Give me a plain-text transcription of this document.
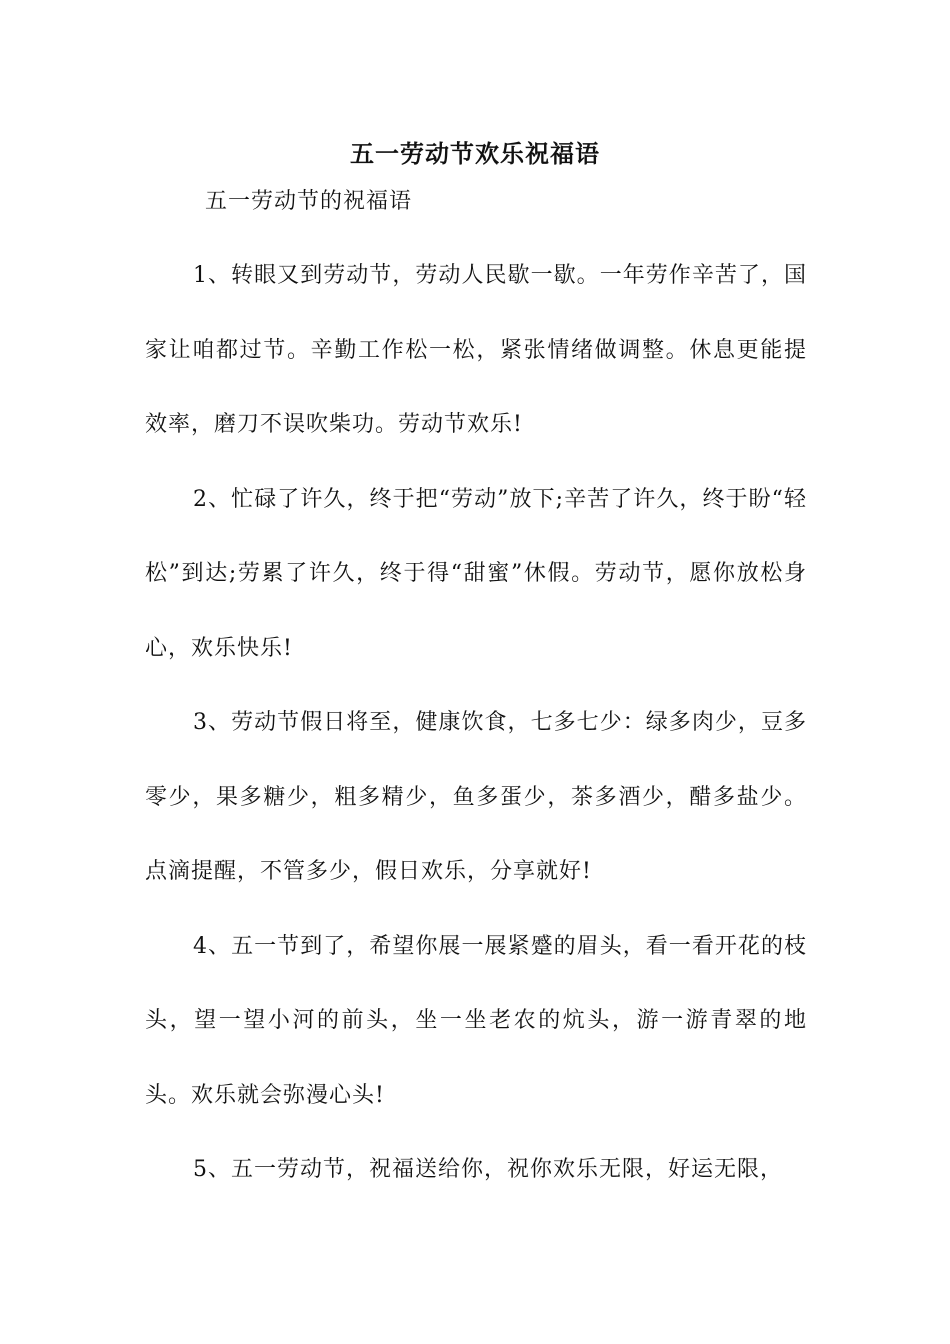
五一劳动节欢乐祝福语
五一劳动节的祝福语

1、转眼又到劳动节，劳动人民歇一歇。一年劳作辛苦了，国家让咱都过节。辛勤工作松一松，紧张情绪做调整。休息更能提效率，磨刀不误吹柴功。劳动节欢乐!

2、忙碌了许久，终于把“劳动”放下;辛苦了许久，终于盼“轻松”到达;劳累了许久，终于得“甜蜜”休假。劳动节，愿你放松身心，欢乐快乐!

3、劳动节假日将至，健康饮食，七多七少：绿多肉少，豆多零少，果多糖少，粗多精少，鱼多蛋少，茶多酒少，醋多盐少。点滴提醒，不管多少，假日欢乐，分享就好!

4、五一节到了，希望你展一展紧蹙的眉头，看一看开花的枝头，望一望小河的前头，坐一坐老农的炕头，游一游青翠的地头。欢乐就会弥漫心头!

5、五一劳动节，祝福送给你，祝你欢乐无限，好运无限，
